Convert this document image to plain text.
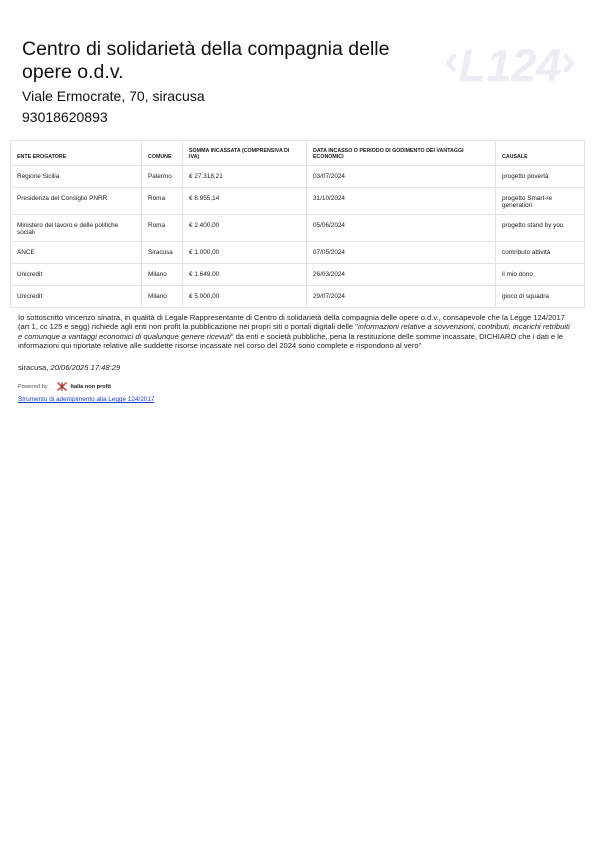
Centro di solidarietà della compagnia delle opere o.d.v.

Viale Ermocrate, 70, siracusa

93018620893

L124
ENTE EROGATORE	COMUNE	SOMMA INCASSATA (COMPRENSIVA DI IVA)	DATA INCASSO O PERIODO DI GODIMENTO DEI VANTAGGI ECONOMICI	CAUSALE
Regione Sicilia	Palermo	€ 27.318,21	03/07/2024	progetto povertà
Presidenza del Consiglio PNRR	Roma	€ 8.955,14	31/10/2024	progetto Smart-re generation
Ministero del lavoro e delle politiche sociali	Roma	€ 2.400,00	05/06/2024	progetto stand by you
ANCE	Siracusa	€ 1.000,00	07/05/2024	contributo attività
Unicredit	Milano	€ 1.649,00	26/03/2024	il mio dono
Unicredit	Milano	€ 5.000,00	29/07/2024	gioco di squadra

Io sottoscritto vincenzo sinatra, in qualità di Legale Rappresentante di Centro di solidarietà della compagnia delle opere o.d.v., consapevole che la Legge 124/2017 (art 1, cc 125 e segg) richiede agli enti non profit la pubblicazione nei propri siti o portali digitali delle "informazioni relative a sovvenzioni, contributi, incarichi retribuiti e comunque a vantaggi economici di qualunque genere ricevuti" da enti e società pubbliche, pena la restituzione delle somme incassate, DICHIARO che i dati e le informazioni qui riportate relative alle suddette risorse incassate nel corso del 2024 sono complete e rispondono al vero"

siracusa, 20/06/2025 17:48:29
Powered by	Italia non profit
Strumento di adempimento alla Legge 124/2017
